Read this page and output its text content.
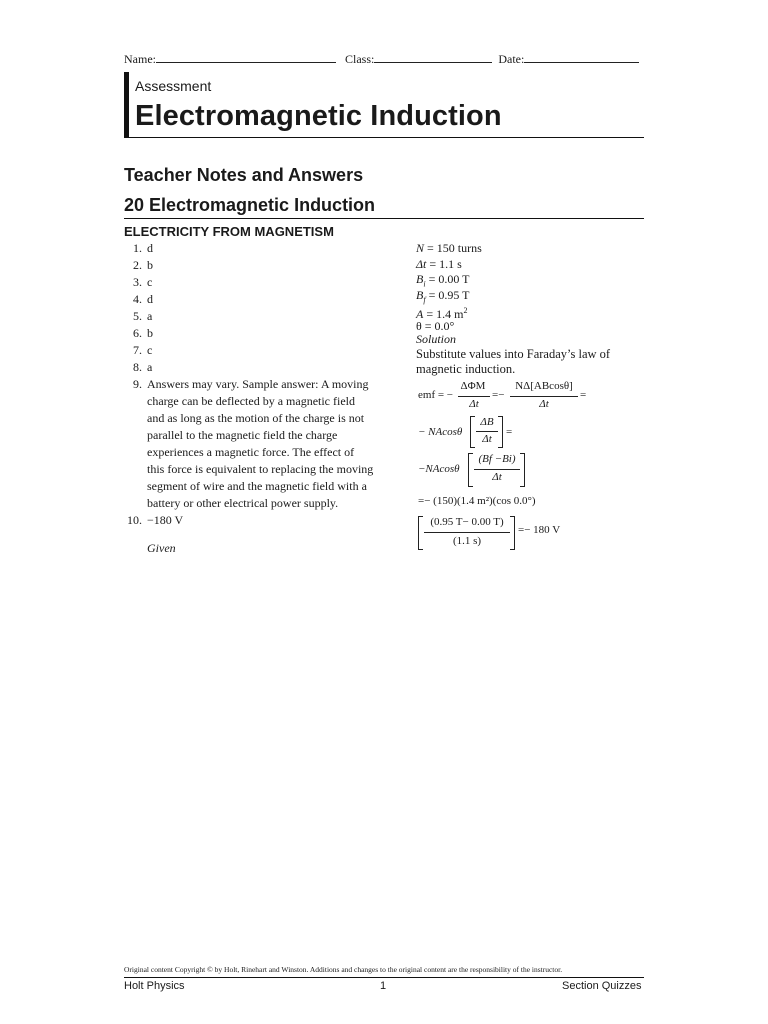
Name:	Class:	Date:
Assessment
Electromagnetic Induction
Teacher Notes and Answers
20 Electromagnetic Induction
ELECTRICITY FROM MAGNETISM
1. d
2. b
3. c
4. d
5. a
6. b
7. c
8. a
9. Answers may vary. Sample answer: A moving charge can be deflected by a magnetic field and as long as the motion of the charge is not parallel to the magnetic field the charge experiences a magnetic force. The effect of this force is equivalent to replacing the moving segment of wire and the magnetic field with a battery or other electrical power supply.
10. −180 V
Given
N = 150 turns
Δt = 1.1 s
$B_i = 0.00$ T
$B_f = 0.95$ T
A = 1.4 $m^2$
θ = 0.0°
Solution
Substitute values into Faraday’s law of magnetic induction.
emf = −
ΔΦM
Δt
=−
NΔ[ABcosθ]
Δt
=
− NAcosθ
ΔB
Δt
=
−NAcosθ
(Bf −Bi)
Δt
=− (150)(1.4 m²)(cos 0.0°)
(0.95 T− 0.00 T)
(1.1 s)
=− 180 V
Original content Copyright © by Holt, Rinehart and Winston. Additions and changes to the original content are the responsibility of the instructor.
Holt Physics	1	Section Quizzes
